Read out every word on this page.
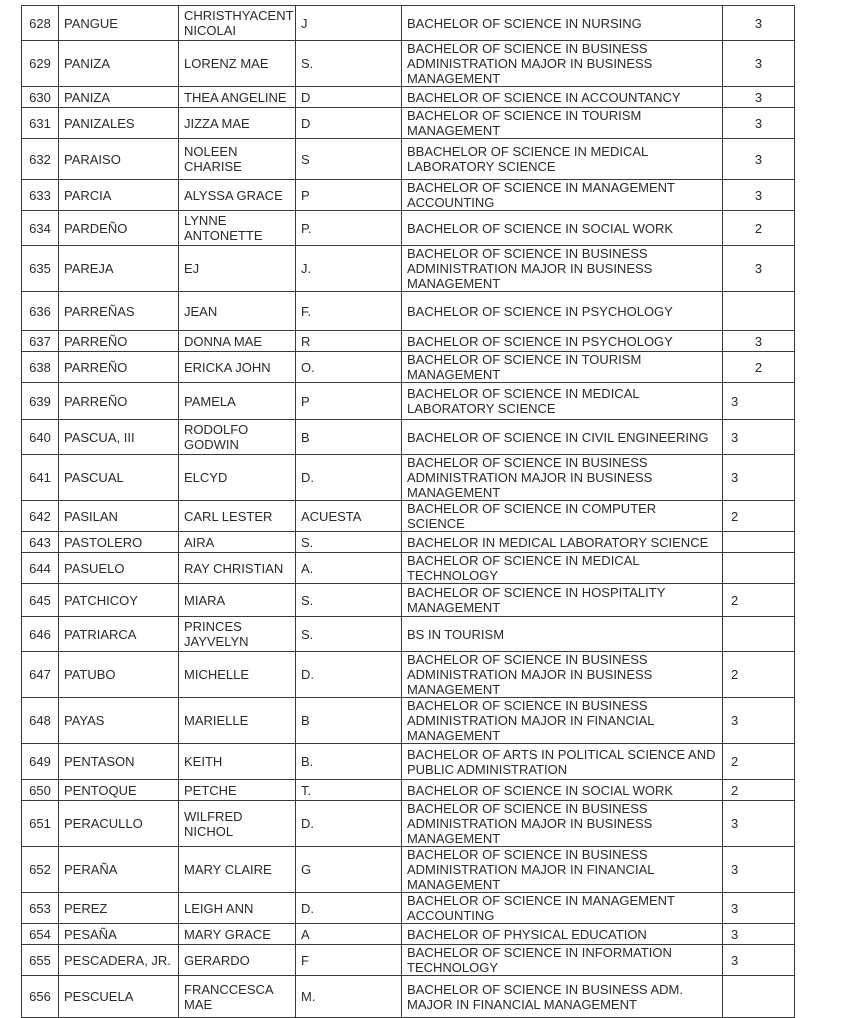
628	PANGUE	CHRISTHYACENT NICOLAI	J	BACHELOR OF SCIENCE IN NURSING	3
629	PANIZA	LORENZ MAE	S.	BACHELOR OF SCIENCE IN BUSINESS ADMINISTRATION MAJOR IN BUSINESS MANAGEMENT	3
630	PANIZA	THEA ANGELINE	D	BACHELOR OF SCIENCE IN ACCOUNTANCY	3
631	PANIZALES	JIZZA MAE	D	BACHELOR OF SCIENCE IN TOURISM MANAGEMENT	3
632	PARAISO	NOLEEN CHARISE	S	BBACHELOR OF SCIENCE IN MEDICAL LABORATORY SCIENCE	3
633	PARCIA	ALYSSA GRACE	P	BACHELOR OF SCIENCE IN MANAGEMENT ACCOUNTING	3
634	PARDEÑO	LYNNE ANTONETTE	P.	BACHELOR OF SCIENCE IN SOCIAL WORK	2
635	PAREJA	EJ	J.	BACHELOR OF SCIENCE IN BUSINESS ADMINISTRATION MAJOR IN BUSINESS MANAGEMENT	3
636	PARREÑAS	JEAN	F.	BACHELOR OF SCIENCE IN PSYCHOLOGY	
637	PARREÑO	DONNA MAE	R	BACHELOR OF SCIENCE IN PSYCHOLOGY	3
638	PARREÑO	ERICKA JOHN	O.	BACHELOR OF SCIENCE IN TOURISM MANAGEMENT	2
639	PARREÑO	PAMELA	P	BACHELOR OF SCIENCE IN MEDICAL LABORATORY SCIENCE	3
640	PASCUA, III	RODOLFO GODWIN	B	BACHELOR OF SCIENCE IN CIVIL ENGINEERING	3
641	PASCUAL	ELCYD	D.	BACHELOR OF SCIENCE IN BUSINESS ADMINISTRATION MAJOR IN BUSINESS MANAGEMENT	3
642	PASILAN	CARL LESTER	ACUESTA	BACHELOR OF SCIENCE IN COMPUTER SCIENCE	2
643	PASTOLERO	AIRA	S.	BACHELOR IN MEDICAL LABORATORY SCIENCE	
644	PASUELO	RAY CHRISTIAN	A.	BACHELOR OF SCIENCE IN MEDICAL TECHNOLOGY	
645	PATCHICOY	MIARA	S.	BACHELOR OF SCIENCE IN HOSPITALITY MANAGEMENT	2
646	PATRIARCA	PRINCES JAYVELYN	S.	BS IN TOURISM	
647	PATUBO	MICHELLE	D.	BACHELOR OF SCIENCE IN BUSINESS ADMINISTRATION MAJOR IN BUSINESS MANAGEMENT	2
648	PAYAS	MARIELLE	B	BACHELOR OF SCIENCE IN BUSINESS ADMINISTRATION MAJOR IN FINANCIAL MANAGEMENT	3
649	PENTASON	KEITH	B.	BACHELOR OF ARTS IN POLITICAL SCIENCE AND PUBLIC ADMINISTRATION	2
650	PENTOQUE	PETCHE	T.	BACHELOR OF SCIENCE IN SOCIAL WORK	2
651	PERACULLO	WILFRED NICHOL	D.	BACHELOR OF SCIENCE IN BUSINESS ADMINISTRATION MAJOR IN BUSINESS MANAGEMENT	3
652	PERAÑA	MARY CLAIRE	G	BACHELOR OF SCIENCE IN BUSINESS ADMINISTRATION MAJOR IN FINANCIAL MANAGEMENT	3
653	PEREZ	LEIGH ANN	D.	BACHELOR OF SCIENCE IN MANAGEMENT ACCOUNTING	3
654	PESAÑA	MARY GRACE	A	BACHELOR OF PHYSICAL EDUCATION	3
655	PESCADERA, JR.	GERARDO	F	BACHELOR OF SCIENCE IN INFORMATION TECHNOLOGY	3
656	PESCUELA	FRANCCESCA MAE	M.	BACHELOR OF SCIENCE IN BUSINESS ADM. MAJOR IN FINANCIAL MANAGEMENT	
